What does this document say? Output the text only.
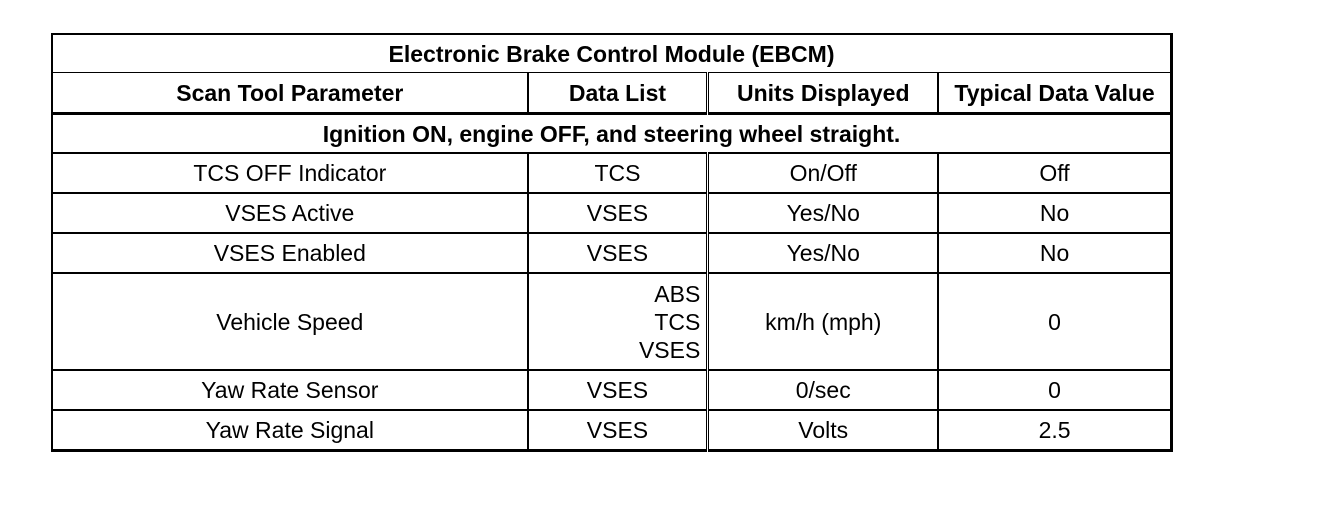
Electronic Brake Control Module (EBCM)			
Scan Tool Parameter	Data List	Units Displayed	Typical Data Value
Ignition ON, engine OFF, and steering wheel straight.			
TCS OFF Indicator	TCS	On/Off	Off
VSES Active	VSES	Yes/No	No
VSES Enabled	VSES	Yes/No	No
Vehicle Speed	ABS
TCS
VSES	km/h (mph)	0
Yaw Rate Sensor	VSES	0/sec	0
Yaw Rate Signal	VSES	Volts	2.5
